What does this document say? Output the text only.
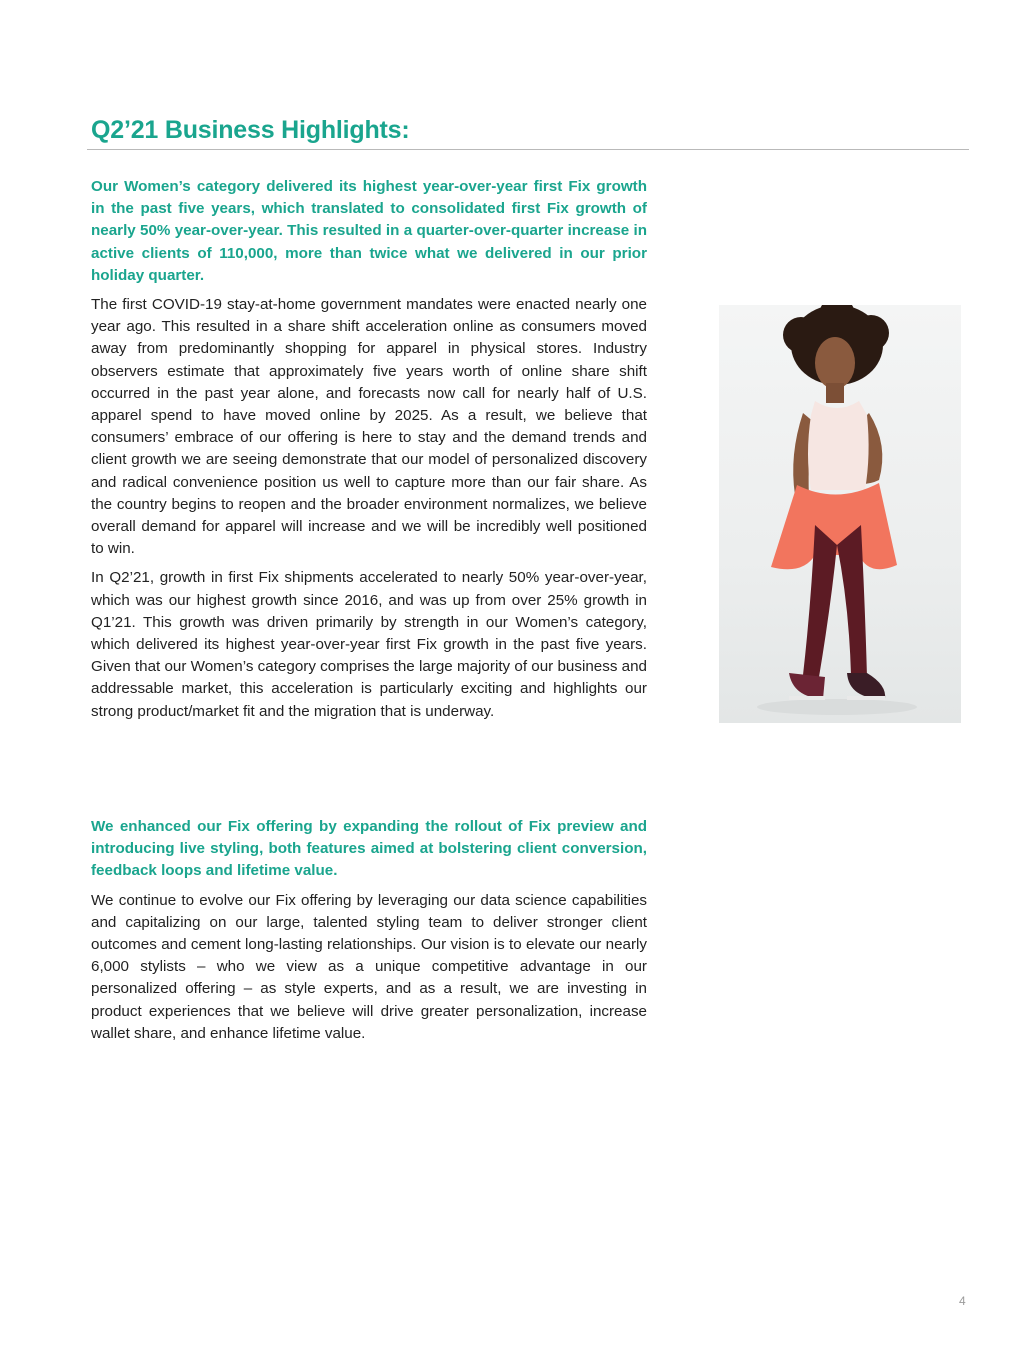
Q2’21 Business Highlights:

Our Women’s category delivered its highest year-over-year first Fix growth in the past five years, which translated to consolidated first Fix growth of nearly 50% year-over-year. This resulted in a quarter-over-quarter increase in active clients of 110,000, more than twice what we delivered in our prior holiday quarter.

The first COVID-19 stay-at-home government mandates were enacted nearly one year ago. This resulted in a share shift acceleration online as consumers moved away from predominantly shopping for apparel in physical stores. Industry observers estimate that approximately five years worth of online share shift occurred in the past year alone, and forecasts now call for nearly half of U.S. apparel spend to have moved online by 2025. As a result, we believe that consumers’ embrace of our offering is here to stay and the demand trends and client growth we are seeing demonstrate that our model of personalized discovery and radical convenience position us well to capture more than our fair share. As the country begins to reopen and the broader environment normalizes, we believe overall demand for apparel will increase and we will be incredibly well positioned to win.

In Q2’21, growth in first Fix shipments accelerated to nearly 50% year-over-year, which was our highest growth since 2016, and was up from over 25% growth in Q1’21. This growth was driven primarily by strength in our Women’s category, which delivered its highest year-over-year first Fix growth in the past five years. Given that our Women’s category comprises the large majority of our business and addressable market, this acceleration is particularly exciting and highlights our strong product/market fit and the migration that is underway.

We enhanced our Fix offering by expanding the rollout of Fix preview and introducing live styling, both features aimed at bolstering client conversion, feedback loops and lifetime value.

We continue to evolve our Fix offering by leveraging our data science capabilities and capitalizing on our large, talented styling team to deliver stronger client outcomes and cement long-lasting relationships. Our vision is to elevate our nearly 6,000 stylists – who we view as a unique competitive advantage in our personalized offering – as style experts, and as a result, we are investing in product experiences that we believe will drive greater personalization, increase wallet share, and enhance lifetime value.

4
